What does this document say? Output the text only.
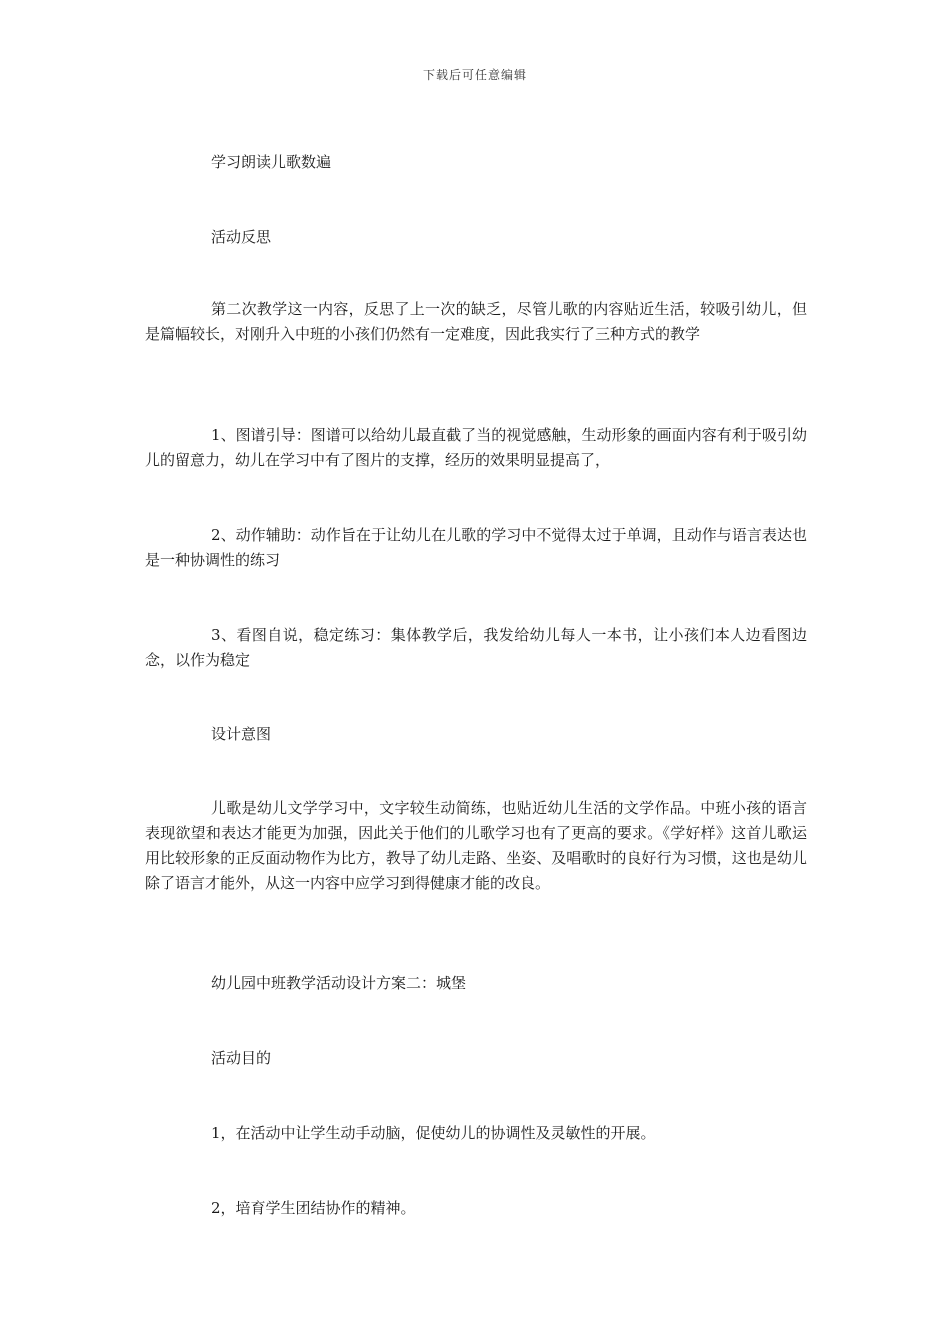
下载后可任意编辑

学习朗读儿歌数遍

活动反思

第二次教学这一内容，反思了上一次的缺乏，尽管儿歌的内容贴近生活，较吸引幼儿，但是篇幅较长，对刚升入中班的小孩们仍然有一定难度，因此我实行了三种方式的教学

1、图谱引导：图谱可以给幼儿最直截了当的视觉感触，生动形象的画面内容有利于吸引幼儿的留意力，幼儿在学习中有了图片的支撑，经历的效果明显提高了，

2、动作辅助：动作旨在于让幼儿在儿歌的学习中不觉得太过于单调，且动作与语言表达也是一种协调性的练习

3、看图自说，稳定练习：集体教学后，我发给幼儿每人一本书，让小孩们本人边看图边念，以作为稳定

设计意图

儿歌是幼儿文学学习中，文字较生动简练，也贴近幼儿生活的文学作品。中班小孩的语言表现欲望和表达才能更为加强，因此关于他们的儿歌学习也有了更高的要求。《学好样》这首儿歌运用比较形象的正反面动物作为比方，教导了幼儿走路、坐姿、及唱歌时的良好行为习惯，这也是幼儿除了语言才能外，从这一内容中应学习到得健康才能的改良。

幼儿园中班教学活动设计方案二：城堡

活动目的

1，在活动中让学生动手动脑，促使幼儿的协调性及灵敏性的开展。

2，培育学生团结协作的精神。
